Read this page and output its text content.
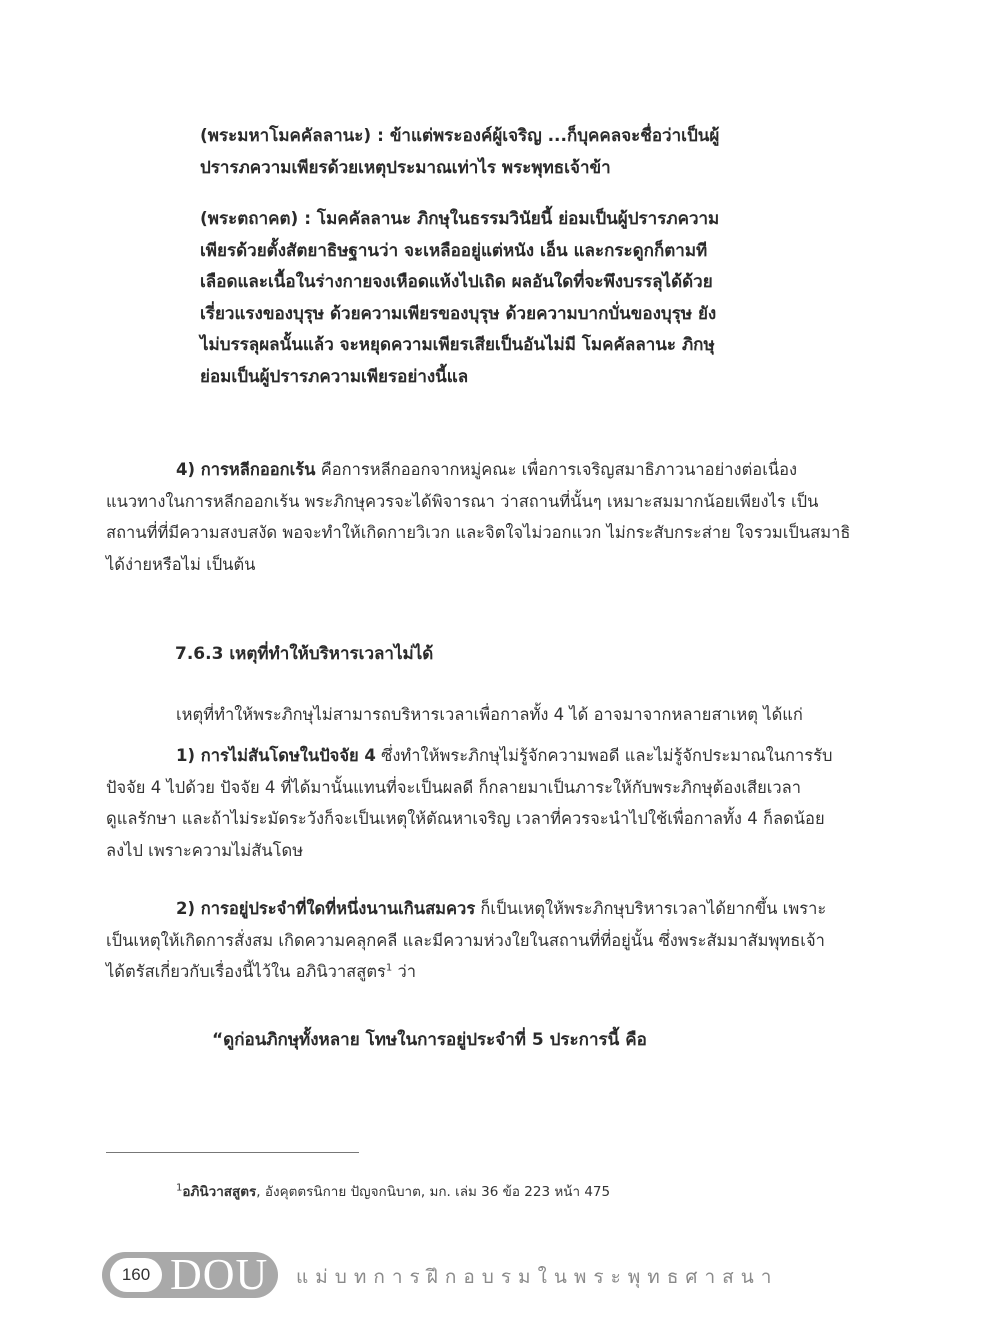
(พระมหาโมคคัลลานะ) : ข้าแต่พระองค์ผู้เจริญ ...ก็บุคคลจะชื่อว่าเป็นผู้
ปรารภความเพียรด้วยเหตุประมาณเท่าไร พระพุทธเจ้าข้า
(พระตถาคต) : โมคคัลลานะ ภิกษุในธรรมวินัยนี้ ย่อมเป็นผู้ปรารภความ
เพียรด้วยตั้งสัตยาธิษฐานว่า จะเหลืออยู่แต่หนัง เอ็น และกระดูกก็ตามที
เลือดและเนื้อในร่างกายจงเหือดแห้งไปเถิด ผลอันใดที่จะพึงบรรลุได้ด้วย
เรี่ยวแรงของบุรุษ ด้วยความเพียรของบุรุษ ด้วยความบากบั่นของบุรุษ ยัง
ไม่บรรลุผลนั้นแล้ว จะหยุดความเพียรเสียเป็นอันไม่มี โมคคัลลานะ ภิกษุ
ย่อมเป็นผู้ปรารภความเพียรอย่างนี้แล
4) การหลีกออกเร้น คือการหลีกออกจากหมู่คณะ เพื่อการเจริญสมาธิภาวนาอย่างต่อเนื่อง
แนวทางในการหลีกออกเร้น พระภิกษุควรจะได้พิจารณา ว่าสถานที่นั้นๆ เหมาะสมมากน้อยเพียงไร เป็น
สถานที่ที่มีความสงบสงัด พอจะทำให้เกิดกายวิเวก และจิตใจไม่วอกแวก ไม่กระสับกระส่าย ใจรวมเป็นสมาธิ
ได้ง่ายหรือไม่ เป็นต้น
7.6.3 เหตุที่ทำให้บริหารเวลาไม่ได้
เหตุที่ทำให้พระภิกษุไม่สามารถบริหารเวลาเพื่อกาลทั้ง 4 ได้ อาจมาจากหลายสาเหตุ ได้แก่
1) การไม่สันโดษในปัจจัย 4 ซึ่งทำให้พระภิกษุไม่รู้จักความพอดี และไม่รู้จักประมาณในการรับ
ปัจจัย 4 ไปด้วย ปัจจัย 4 ที่ได้มานั้นแทนที่จะเป็นผลดี ก็กลายมาเป็นภาระให้กับพระภิกษุต้องเสียเวลา
ดูแลรักษา และถ้าไม่ระมัดระวังก็จะเป็นเหตุให้ตัณหาเจริญ เวลาที่ควรจะนำไปใช้เพื่อกาลทั้ง 4 ก็ลดน้อย
ลงไป เพราะความไม่สันโดษ
2) การอยู่ประจำที่ใดที่หนึ่งนานเกินสมควร ก็เป็นเหตุให้พระภิกษุบริหารเวลาได้ยากขึ้น เพราะ
เป็นเหตุให้เกิดการสั่งสม เกิดความคลุกคลี และมีความห่วงใยในสถานที่ที่อยู่นั้น ซึ่งพระสัมมาสัมพุทธเจ้า
ได้ตรัสเกี่ยวกับเรื่องนี้ไว้ใน อภินิวาสสูตร$^1$ ว่า
“ดูก่อนภิกษุทั้งหลาย โทษในการอยู่ประจำที่ 5 ประการนี้ คือ
$^1$อภินิวาสสูตร, อังคุตตรนิกาย ปัญจกนิบาต, มก. เล่ม 36 ข้อ 223 หน้า 475
160 DOU แม่บทการฝึกอบรมในพระพุทธศาสนา
